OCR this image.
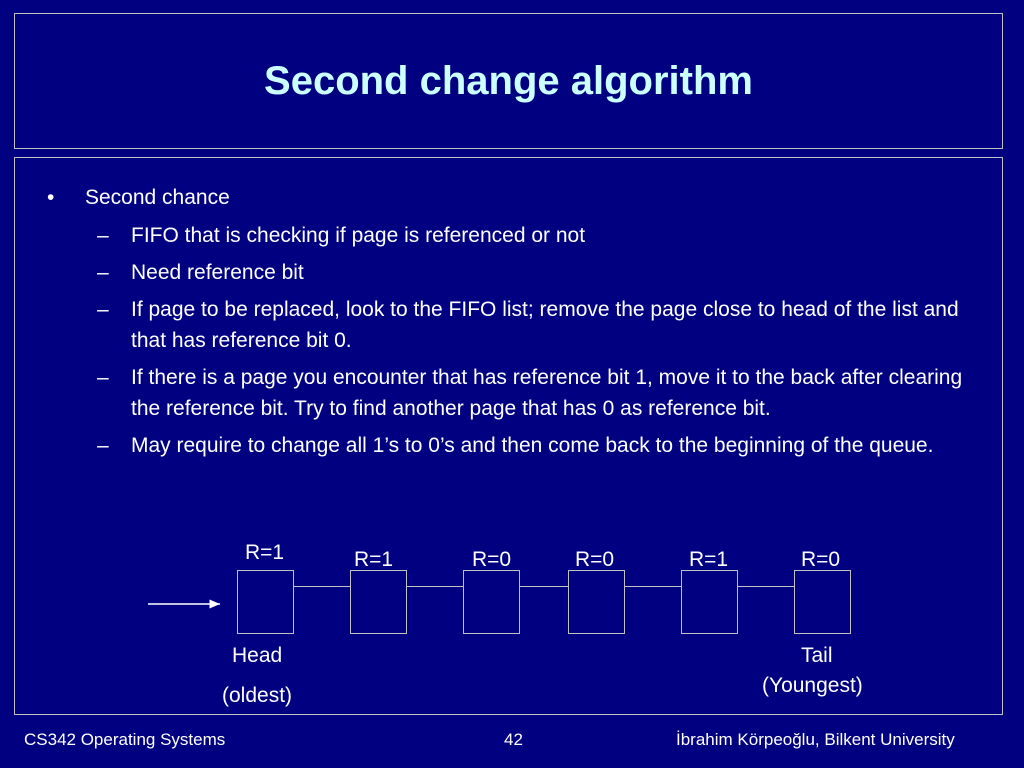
Second change algorithm
• Second chance
– FIFO that is checking if page is referenced or not
– Need reference bit
– If page to be replaced, look to the FIFO list; remove the page close to head of the list and that has reference bit 0.
– If there is a page you encounter that has reference bit 1, move it to the back after clearing the reference bit. Try to find another page that has 0 as reference bit.
– May require to change all 1’s to 0’s and then come back to the beginning of the queue.
R=1	R=1	R=0	R=0	R=1	R=0
Head
(oldest)
Tail
(Youngest)
CS342 Operating Systems	42	İbrahim Körpeoğlu, Bilkent University
